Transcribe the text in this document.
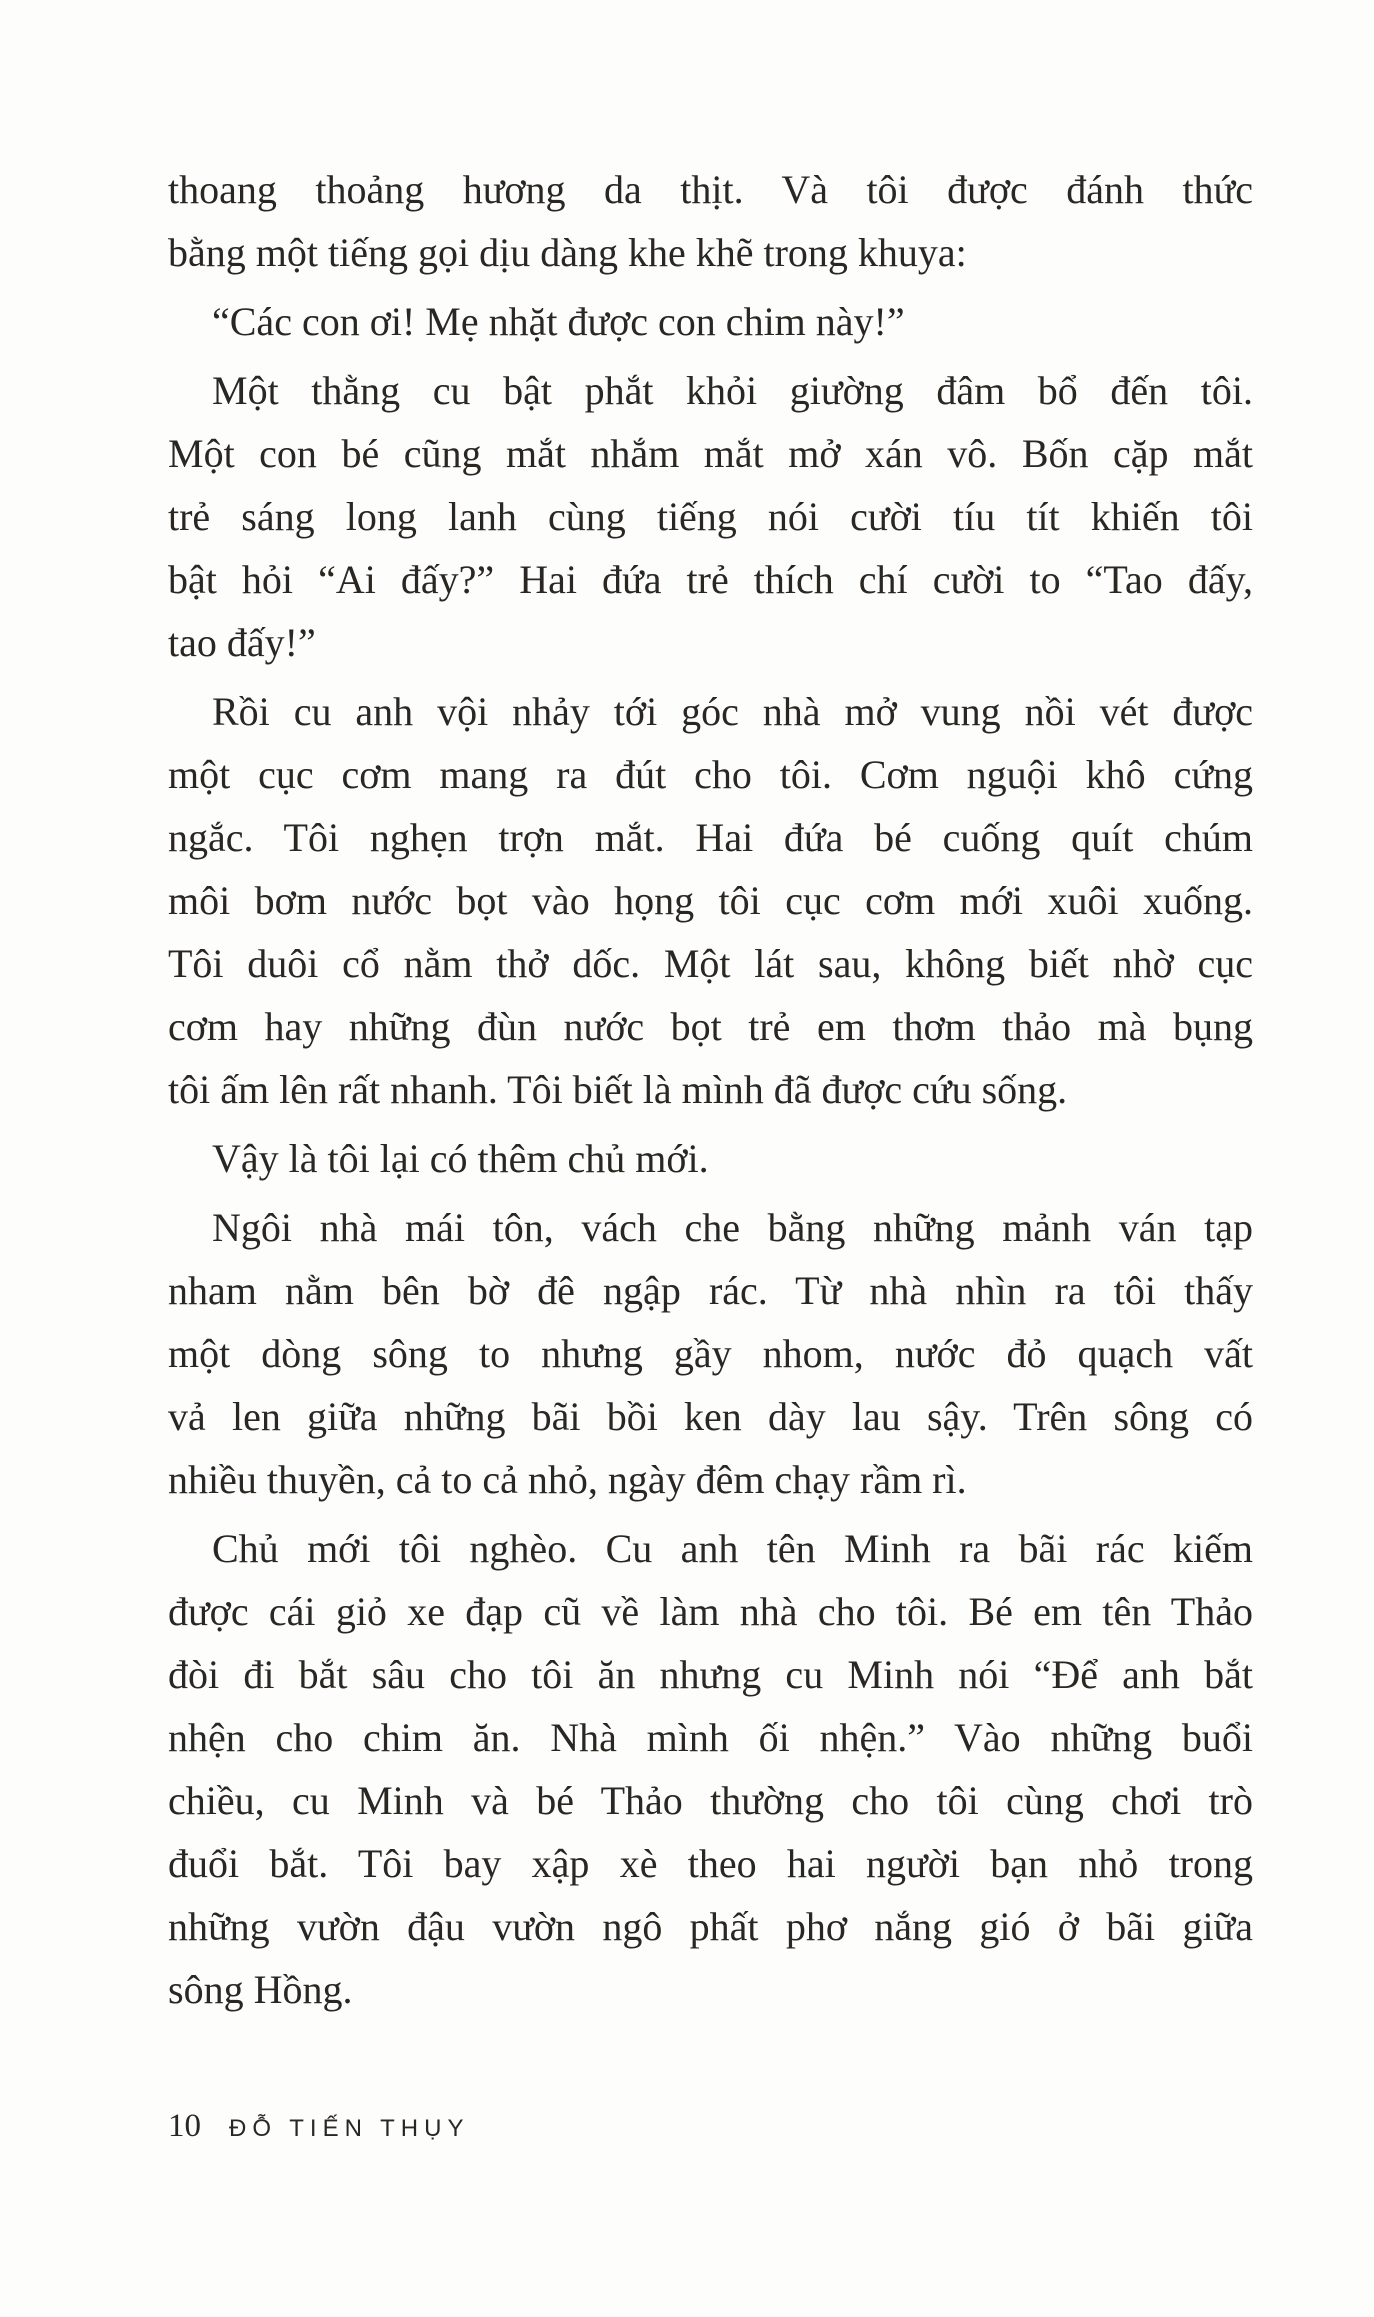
thoang thoảng hương da thịt. Và tôi được đánh thức
bằng một tiếng gọi dịu dàng khe khẽ trong khuya:
“Các con ơi! Mẹ nhặt được con chim này!”
Một thằng cu bật phắt khỏi giường đâm bổ đến tôi.
Một con bé cũng mắt nhắm mắt mở xán vô. Bốn cặp mắt
trẻ sáng long lanh cùng tiếng nói cười tíu tít khiến tôi
bật hỏi “Ai đấy?” Hai đứa trẻ thích chí cười to “Tao đấy,
tao đấy!”
Rồi cu anh vội nhảy tới góc nhà mở vung nồi vét được
một cục cơm mang ra đút cho tôi. Cơm nguội khô cứng
ngắc. Tôi nghẹn trợn mắt. Hai đứa bé cuống quít chúm
môi bơm nước bọt vào họng tôi cục cơm mới xuôi xuống.
Tôi duôi cổ nằm thở dốc. Một lát sau, không biết nhờ cục
cơm hay những đùn nước bọt trẻ em thơm thảo mà bụng
tôi ấm lên rất nhanh. Tôi biết là mình đã được cứu sống.
Vậy là tôi lại có thêm chủ mới.
Ngôi nhà mái tôn, vách che bằng những mảnh ván tạp
nham nằm bên bờ đê ngập rác. Từ nhà nhìn ra tôi thấy
một dòng sông to nhưng gầy nhom, nước đỏ quạch vất
vả len giữa những bãi bồi ken dày lau sậy. Trên sông có
nhiều thuyền, cả to cả nhỏ, ngày đêm chạy rầm rì.
Chủ mới tôi nghèo. Cu anh tên Minh ra bãi rác kiếm
được cái giỏ xe đạp cũ về làm nhà cho tôi. Bé em tên Thảo
đòi đi bắt sâu cho tôi ăn nhưng cu Minh nói “Để anh bắt
nhện cho chim ăn. Nhà mình ối nhện.” Vào những buổi
chiều, cu Minh và bé Thảo thường cho tôi cùng chơi trò
đuổi bắt. Tôi bay xập xè theo hai người bạn nhỏ trong
những vườn đậu vườn ngô phất phơ nắng gió ở bãi giữa
sông Hồng.
10 ĐỖ TIẾN THỤY
